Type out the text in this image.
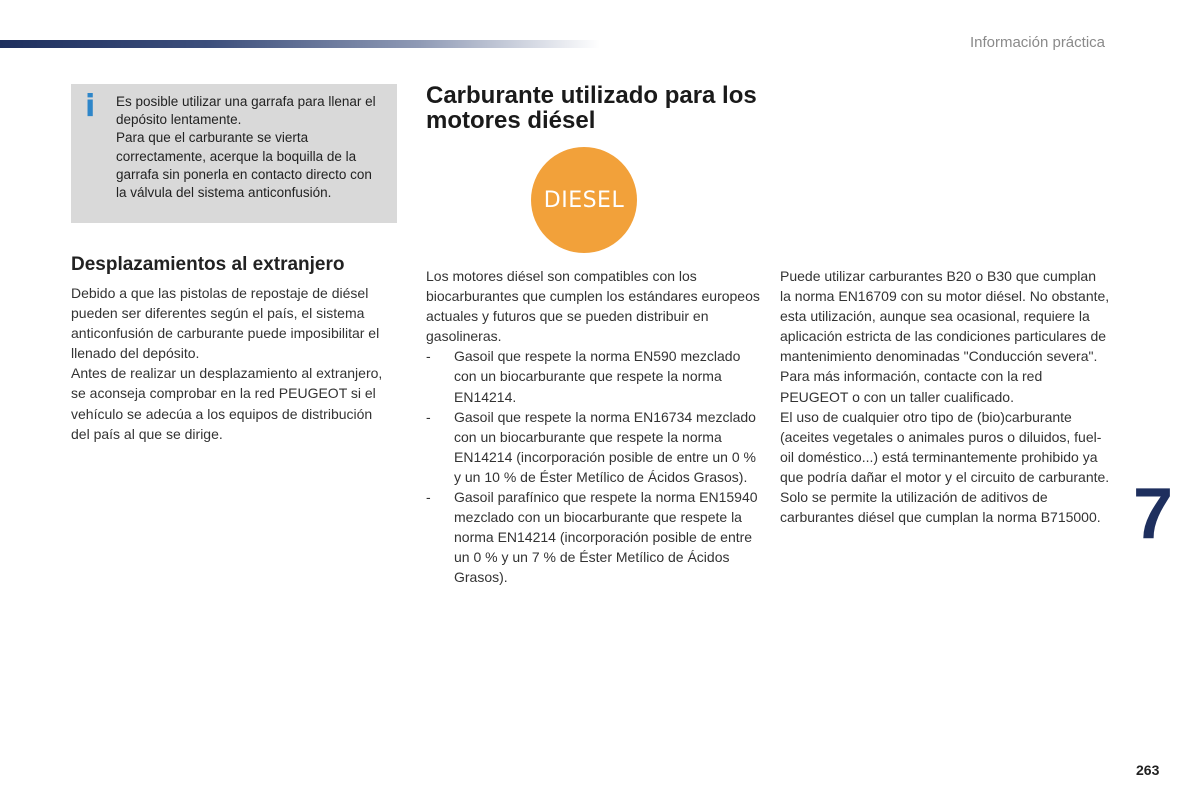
Información práctica
i Es posible utilizar una garrafa para llenar el depósito lentamente.

Para que el carburante se vierta correctamente, acerque la boquilla de la garrafa sin ponerla en contacto directo con la válvula del sistema anticonfusión.

Desplazamientos al extranjero

Debido a que las pistolas de repostaje de diésel pueden ser diferentes según el país, el sistema anticonfusión de carburante puede imposibilitar el llenado del depósito.

Antes de realizar un desplazamiento al extranjero, se aconseja comprobar en la red PEUGEOT si el vehículo se adecúa a los equipos de distribución del país al que se dirige.

Carburante utilizado para los motores diésel
DIESEL

Los motores diésel son compatibles con los biocarburantes que cumplen los estándares europeos actuales y futuros que se pueden distribuir en gasolineras.

- Gasoil que respete la norma EN590 mezclado con un biocarburante que respete la norma EN14214.
- Gasoil que respete la norma EN16734 mezclado con un biocarburante que respete la norma EN14214 (incorporación posible de entre un 0 % y un 10 % de Éster Metílico de Ácidos Grasos).
- Gasoil parafínico que respete la norma EN15940 mezclado con un biocarburante que respete la norma EN14214 (incorporación posible de entre un 0 % y un 7 % de Éster Metílico de Ácidos Grasos).

Puede utilizar carburantes B20 o B30 que cumplan la norma EN16709 con su motor diésel. No obstante, esta utilización, aunque sea ocasional, requiere la aplicación estricta de las condiciones particulares de mantenimiento denominadas "Conducción severa". Para más información, contacte con la red PEUGEOT o con un taller cualificado.

El uso de cualquier otro tipo de (bio)carburante (aceites vegetales o animales puros o diluidos, fuel-oil doméstico...) está terminantemente prohibido ya que podría dañar el motor y el circuito de carburante.

Solo se permite la utilización de aditivos de carburantes diésel que cumplan la norma B715000. 7
263
